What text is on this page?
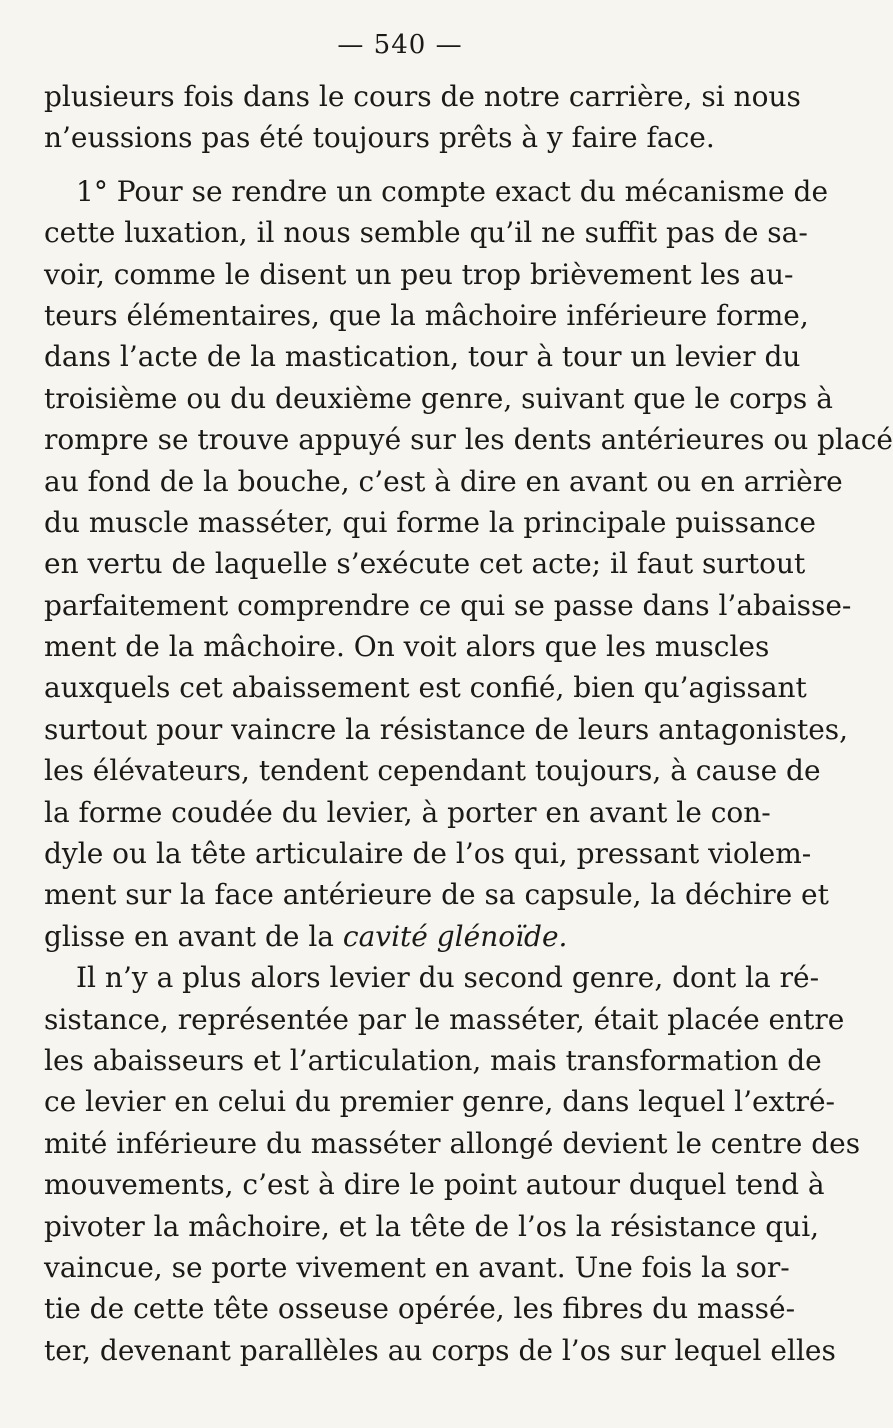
— 540 —
plusieurs fois dans le cours de notre carrière, si nous
n’eussions pas été toujours prêts à y faire face.
1° Pour se rendre un compte exact du mécanisme de
cette luxation, il nous semble qu’il ne suffit pas de sa-
voir, comme le disent un peu trop brièvement les au-
teurs élémentaires, que la mâchoire inférieure forme,
dans l’acte de la mastication, tour à tour un levier du
troisième ou du deuxième genre, suivant que le corps à
rompre se trouve appuyé sur les dents antérieures ou placé
au fond de la bouche, c’est à dire en avant ou en arrière
du muscle masséter, qui forme la principale puissance
en vertu de laquelle s’exécute cet acte; il faut surtout
parfaitement comprendre ce qui se passe dans l’abaisse-
ment de la mâchoire. On voit alors que les muscles
auxquels cet abaissement est confié, bien qu’agissant
surtout pour vaincre la résistance de leurs antagonistes,
les élévateurs, tendent cependant toujours, à cause de
la forme coudée du levier, à porter en avant le con-
dyle ou la tête articulaire de l’os qui, pressant violem-
ment sur la face antérieure de sa capsule, la déchire et
glisse en avant de la cavité glénoïde.
Il n’y a plus alors levier du second genre, dont la ré-
sistance, représentée par le masséter, était placée entre
les abaisseurs et l’articulation, mais transformation de
ce levier en celui du premier genre, dans lequel l’extré-
mité inférieure du masséter allongé devient le centre des
mouvements, c’est à dire le point autour duquel tend à
pivoter la mâchoire, et la tête de l’os la résistance qui,
vaincue, se porte vivement en avant. Une fois la sor-
tie de cette tête osseuse opérée, les fibres du massé-
ter, devenant parallèles au corps de l’os sur lequel elles
